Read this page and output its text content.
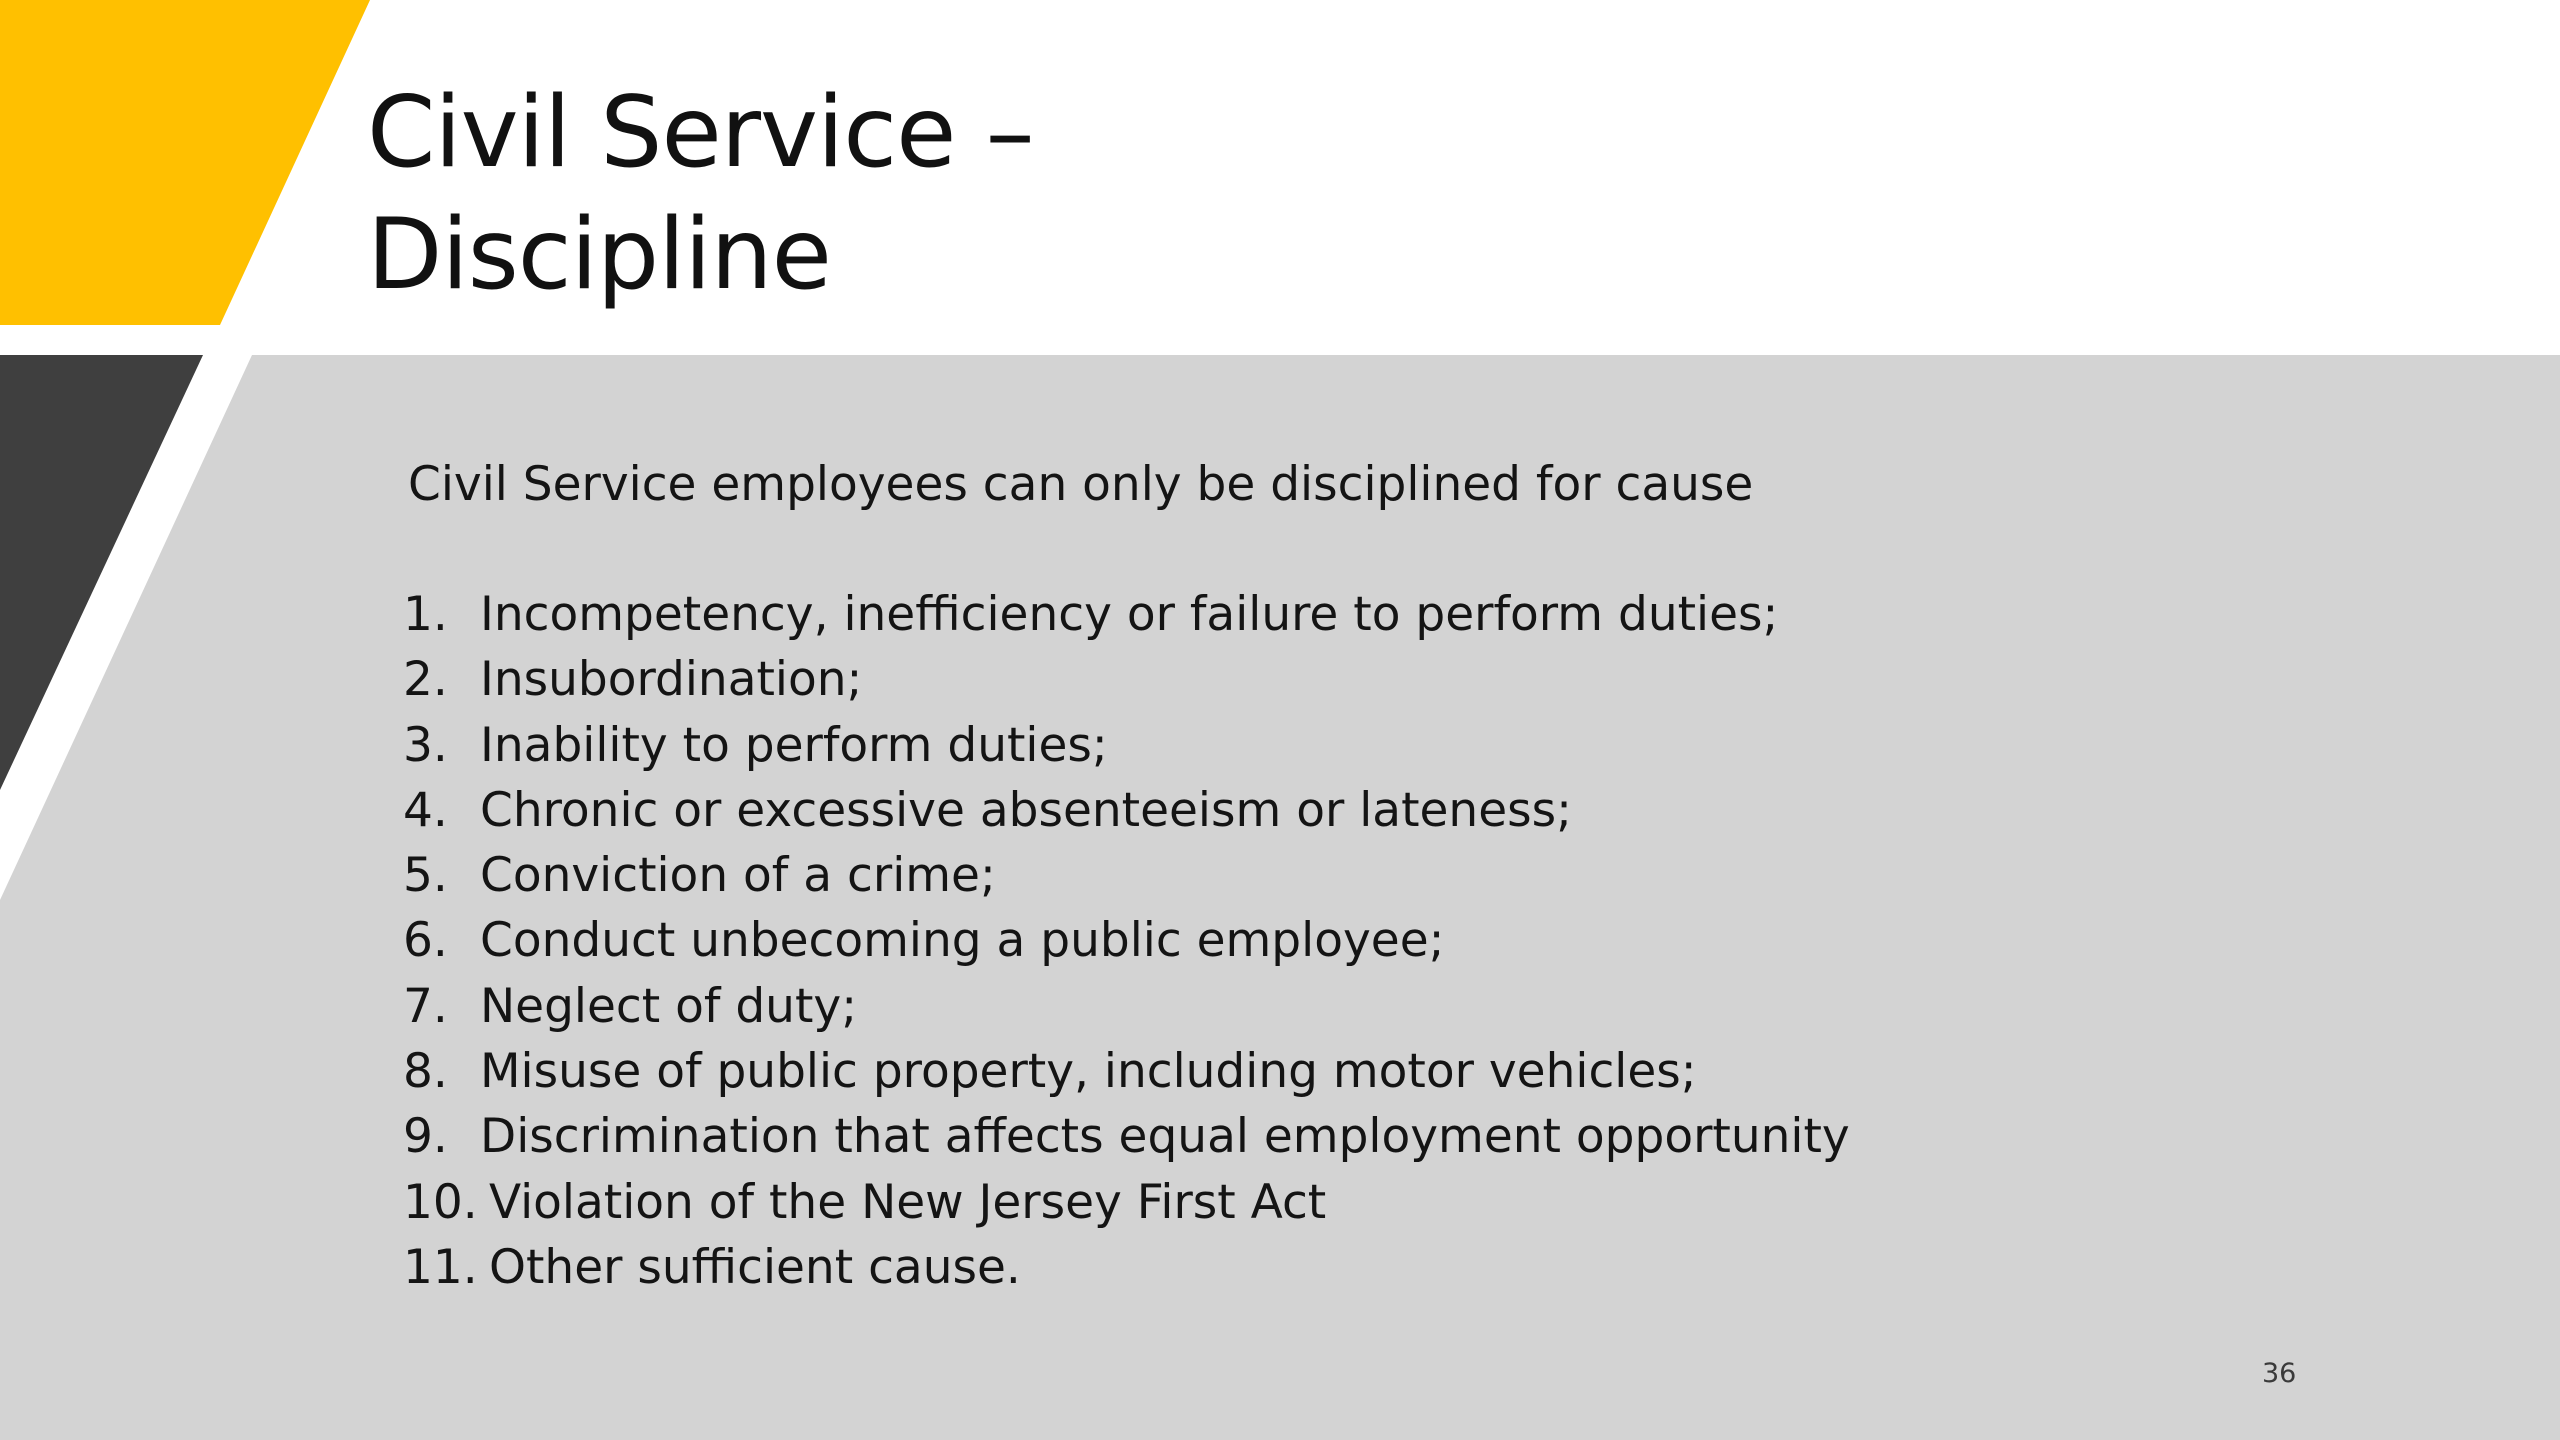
Civil Service –
Discipline

Civil Service employees can only be disciplined for cause

1. Incompetency, inefficiency or failure to perform duties;
2. Insubordination;
3. Inability to perform duties;
4. Chronic or excessive absenteeism or lateness;
5. Conviction of a crime;
6. Conduct unbecoming a public employee;
7. Neglect of duty;
8. Misuse of public property, including motor vehicles;
9. Discrimination that affects equal employment opportunity
10. Violation of the New Jersey First Act
11. Other sufficient cause.
36
